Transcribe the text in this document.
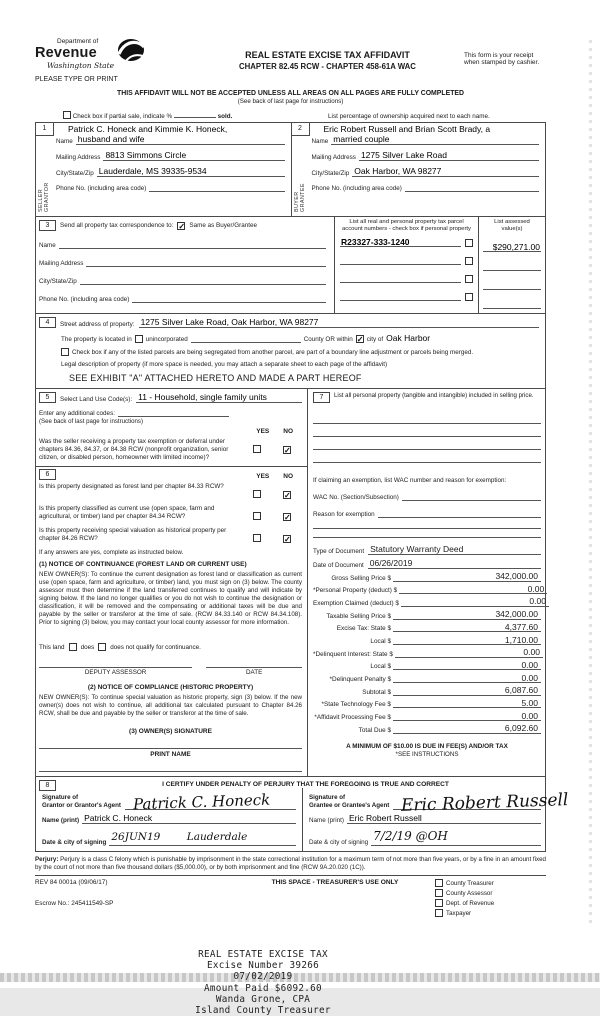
Department of
Revenue
Washington State
PLEASE TYPE OR PRINT
REAL ESTATE EXCISE TAX AFFIDAVIT
CHAPTER 82.45 RCW - CHAPTER 458-61A WAC
This form is your receipt
when stamped by cashier.
THIS AFFIDAVIT WILL NOT BE ACCEPTED UNLESS ALL AREAS ON ALL PAGES ARE FULLY COMPLETED
(See back of last page for instructions)
Check box if partial sale, indicate %	sold.	List percentage of ownership acquired next to each name.
1
SELLER GRANTOR
Patrick C. Honeck and Kimmie K. Honeck,
Name husband and wife
Mailing Address 8813 Simmons Circle
City/State/Zip Lauderdale, MS 39335-9534
Phone No. (including area code)
2
BUYER GRANTEE
Eric Robert Russell and Brian Scott Brady, a
Name married couple
Mailing Address 1275 Silver Lake Road
City/State/Zip Oak Harbor, WA 98277
Phone No. (including area code)
3	Send all property tax correspondence to: ✓ Same as Buyer/Grantee
Name
Mailing Address
City/State/Zip
Phone No. (including area code)
List all real and personal property tax parcel
account numbers - check box if personal property
R23327-333-1240
List assessed value(s)
$290,271.00
4	Street address of property: 1275 Silver Lake Road, Oak Harbor, WA 98277
The property is located in unincorporated	County OR within ✓ city of Oak Harbor
Check box if any of the listed parcels are being segregated from another parcel, are part of a boundary line adjustment or parcels being merged.
Legal description of property (if more space is needed, you may attach a separate sheet to each page of the affidavit)
SEE EXHIBIT "A" ATTACHED HERETO AND MADE A PART HEREOF
5	Select Land Use Code(s): 11 - Household, single family units
Enter any additional codes:
(See back of last page for instructions)
YES NO
Was the seller receiving a property tax exemption or deferral under chapters 84.36, 84.37, or 84.38 RCW (nonprofit organization, senior citizen, or disabled person, homeowner with limited income)?
✓
6	YES NO
Is this property designated as forest land per chapter 84.33 RCW?
✓
Is this property classified as current use (open space, farm and agricultural, or timber) land per chapter 84.34 RCW?	✓
Is this property receiving special valuation as historical property per chapter 84.26 RCW?	✓
If any answers are yes, complete as instructed below.
(1) NOTICE OF CONTINUANCE (FOREST LAND OR CURRENT USE)
NEW OWNER(S): To continue the current designation as forest land or classification as current use (open space, farm and agriculture, or timber) land, you must sign on (3) below. The county assessor must then determine if the land transferred continues to qualify and will indicate by signing below. If the land no longer qualifies or you do not wish to continue the designation or classification, it will be removed and the compensating or additional taxes will be due and payable by the seller or transferor at the time of sale. (RCW 84.33.140 or RCW 84.34.108). Prior to signing (3) below, you may contact your local county assessor for more information.
This land	does	does not qualify for continuance.
DEPUTY ASSESSOR	DATE
(2) NOTICE OF COMPLIANCE (HISTORIC PROPERTY)
NEW OWNER(S): To continue special valuation as historic property, sign (3) below. If the new owner(s) does not wish to continue, all additional tax calculated pursuant to Chapter 84.26 RCW, shall be due and payable by the seller or transferor at the time of sale.
(3) OWNER(S) SIGNATURE
PRINT NAME
7	List all personal property (tangible and intangible) included in selling price.
If claiming an exemption, list WAC number and reason for exemption:
WAC No. (Section/Subsection)
Reason for exemption
Type of Document Statutory Warranty Deed
Date of Document 06/26/2019
Gross Selling Price $	342,000.00
*Personal Property (deduct) $	0.00
Exemption Claimed (deduct) $	0.00
Taxable Selling Price $	342,000.00
Excise Tax: State $	4,377.60
Local $	1,710.00
*Delinquent Interest: State $	0.00
Local $	0.00
*Delinquent Penalty $	0.00
Subtotal $	6,087.60
*State Technology Fee $	5.00
*Affidavit Processing Fee $	0.00
Total Due $	6,092.60
A MINIMUM OF $10.00 IS DUE IN FEE(S) AND/OR TAX
*SEE INSTRUCTIONS
8	I CERTIFY UNDER PENALTY OF PERJURY THAT THE FOREGOING IS TRUE AND CORRECT
Signature of
Grantor or Grantor's Agent Patrick C. Honeck
Name (print) Patrick C. Honeck
Date & city of signing 26JUN19	Lauderdale
Signature of
Grantee or Grantee's Agent Eric Robert Russell
Name (print) Eric Robert Russell
Date & city of signing 7/2/19 @OH
Perjury: Perjury is a class C felony which is punishable by imprisonment in the state correctional institution for a maximum term of not more than five years, or by a fine in an amount fixed by the court of not more than five thousand dollars ($5,000.00), or by both imprisonment and fine (RCW 9A.20.020 (1C)).
REV 84 0001a (09/06/17)
Escrow No.: 245411549-SP
THIS SPACE - TREASURER'S USE ONLY	County Treasurer
County Assessor
Dept. of Revenue
Taxpayer
REAL ESTATE EXCISE TAX
Excise Number 39266
07/02/2019
Amount Paid $6092.60
Wanda Grone, CPA
Island County Treasurer
